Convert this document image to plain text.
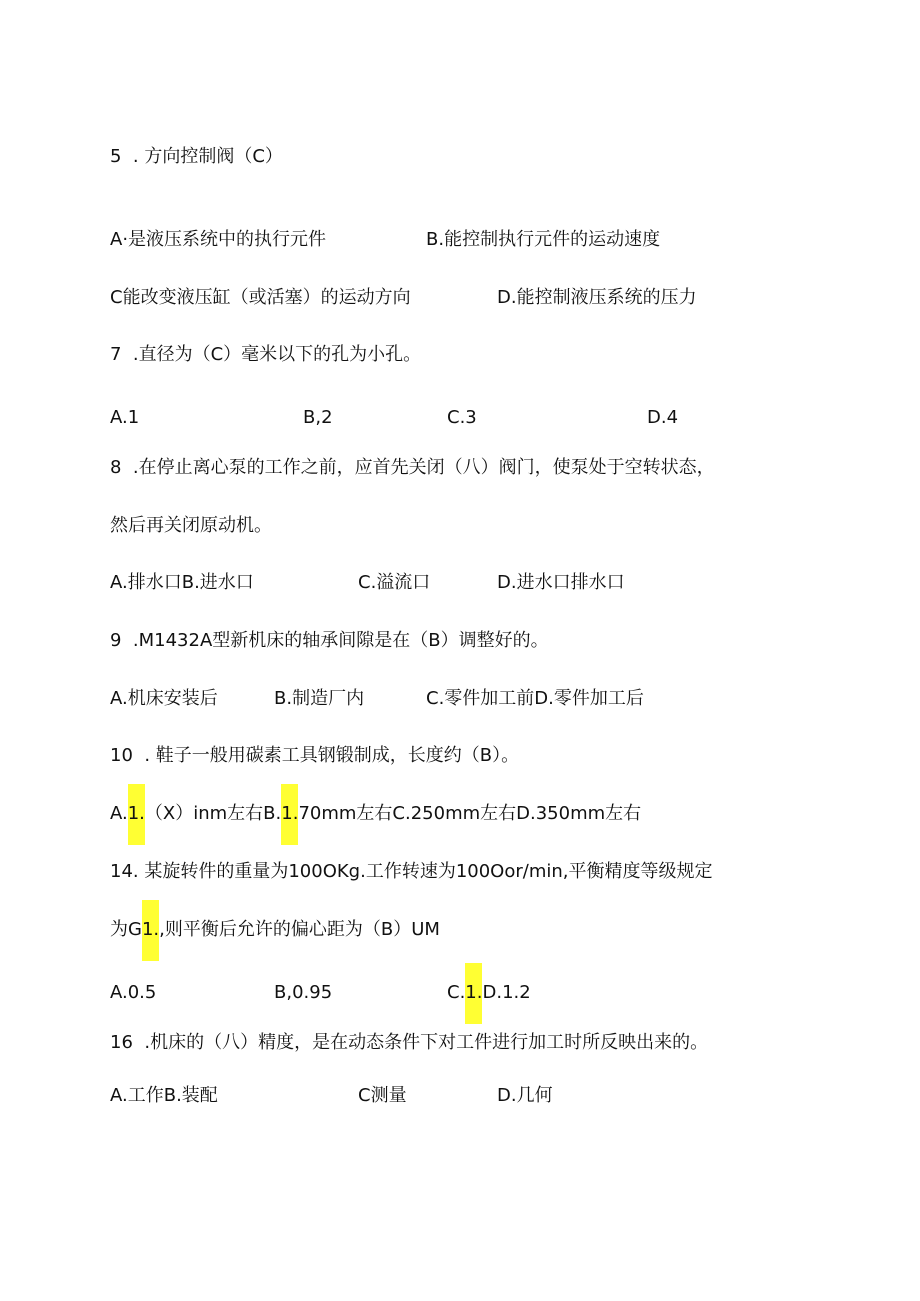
5  . 方向控制阀（C）
A·是液压系统中的执行元件	B.能控制执行元件的运动速度
C能改变液压缸（或活塞）的运动方向	D.能控制液压系统的压力
7  .直径为（C）毫米以下的孔为小孔。
A.1	B,2	C.3	D.4
8  .在停止离心泵的工作之前，应首先关闭（八）阀门，使泵处于空转状态，
然后再关闭原动机。
A.排水口B.进水口	C.溢流口	D.进水口排水口
9  .M1432A型新机床的轴承间隙是在（B）调整好的。
A.机床安装后	B.制造厂内	C.零件加工前D.零件加工后
10  . 鞋子一般用碳素工具钢锻制成，长度约（B）。
A.1.（X）inm左右B.1.70mm左右C.250mm左右D.350mm左右
14. 某旋转件的重量为100OKg.工作转速为100Oor∕min,平衡精度等级规定
为G1.,则平衡后允许的偏心距为（B）UM
A.0.5	B,0.95	C.1.D.1.2
16  .机床的（八）精度，是在动态条件下对工件进行加工时所反映出来的。
A.工作B.装配	C测量	D.几何
